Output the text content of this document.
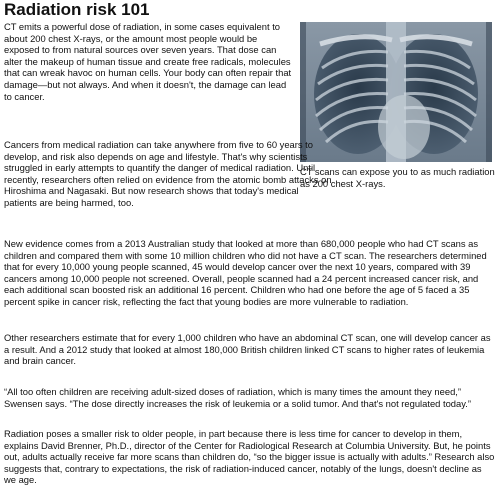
Radiation risk 101

CT emits a powerful dose of radiation, in some cases equivalent to about 200 chest X-rays, or the amount most people would be exposed to from natural sources over seven years. That dose can alter the makeup of human tissue and create free radicals, molecules that can wreak havoc on human cells. Your body can often repair that damage—but not always. And when it doesn't, the damage can lead to cancer.

CT scans can expose you to as much radiation as 200 chest X-rays.

Cancers from medical radiation can take anywhere from five to 60 years to develop, and risk also depends on age and lifestyle. That's why scientists struggled in early attempts to quantify the danger of medical radiation. Until recently, researchers often relied on evidence from the atomic bomb attacks on Hiroshima and Nagasaki. But now research shows that today's medical patients are being harmed, too.

New evidence comes from a 2013 Australian study that looked at more than 680,000 people who had CT scans as children and compared them with some 10 million children who did not have a CT scan. The researchers determined that for every 10,000 young people scanned, 45 would develop cancer over the next 10 years, compared with 39 cancers among 10,000 people not screened. Overall, people scanned had a 24 percent increased cancer risk, and each additional scan boosted risk an additional 16 percent. Children who had one before the age of 5 faced a 35 percent spike in cancer risk, reflecting the fact that young bodies are more vulnerable to radiation.

Other researchers estimate that for every 1,000 children who have an abdominal CT scan, one will develop cancer as a result. And a 2012 study that looked at almost 180,000 British children linked CT scans to higher rates of leukemia and brain cancer.

“All too often children are receiving adult-sized doses of radiation, which is many times the amount they need,” Swensen says. “The dose directly increases the risk of leukemia or a solid tumor. And that's not regulated today.”

Radiation poses a smaller risk to older people, in part because there is less time for cancer to develop in them, explains David Brenner, Ph.D., director of the Center for Radiological Research at Columbia University. But, he points out, adults actually receive far more scans than children do, “so the bigger issue is actually with adults.” Research also suggests that, contrary to expectations, the risk of radiation-induced cancer, notably of the lungs, doesn't decline as we age.
